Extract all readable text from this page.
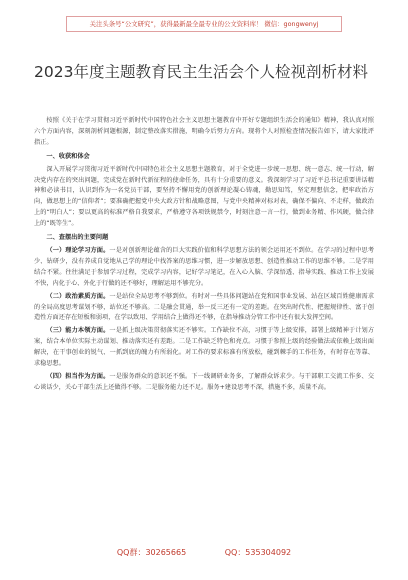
关注头条号“公文研究”，获得最新最全最专业的公文资料库！ 微信：gongwenyj
2023年度主题教育民主生活会个人检视剖析材料

按照《关于在学习贯彻习近平新时代中国特色社会主义思想主题教育中开好专题组织生活会的通知》精神，我认真对照六个方面内容，深刻剖析问题根源，制定整改落实措施，明确今后努力方向。现将个人对照检查情况报告如下，请大家批评指正。

一、收获和体会

深入开展学习贯彻习近平新时代中国特色社会主义思想主题教育，对于全党进一步统一思想、统一意志、统一行动，解决党内存在的突出问题，完成党在新时代新征程的使命任务，具有十分重要的意义。我深刻学习了习近平总书记重要讲话精神和必读书目，认识到作为一名党员干部，要坚持不懈用党的创新理论凝心铸魂，勤思知笃，坚定理想信念，把牢政治方向，做思想上的“信仰者”；要准确把握党中央大政方针和战略意图，与党中央精神对标对表，确保不偏向、不走样，做政治上的“明白人”；要以更高的标准严格自我要求，严格遵守各项铁规禁令，时刻注意一言一行，做到业务精、作风硬，做合律上的“既等生”。

二、查摆出的主要问题

（一）理论学习方面。一是对创新理论蕴含的巨大实践价值和科学思想方法的领会运用还不到位。在学习的过程中思考少、钻研少，没有养成自觉地从己学的理论中找答案的思维习惯，进一步解放思想、创造性推动工作的思维不够。二是学用结合不紧。往往满足于参加学习过程，完成学习内容，记好学习笔记，在入心入脑、学深悟透、指导实践、推动工作上发展不快，内化于心、外化于行做的还不够好，理解运用不够充分。

（二）政治素质方面。一是站位全局思考不够到位。有时对一些具体问题站在党和国事业发展、站在区域百姓健康需求的全局高度思考谋划不够，站位还不够高。二是融会贯通，举一反三还有一定的差距。在突出时代性、把握规律性、富于创造性方面还存在短板和弱项，在学以致用、学用结合上做得还不够，在指导推动分管工作中还有很大发挥空间。

（三）能力本领方面。一是抓上级决策贯彻落实还不够实。工作缺位不高，习惯于等上级安排，部署上级精神于计划方案，结合本单位实际主动谋划、推动落实还有差距。二是工作缺乏特色和亮点。习惯于参照上级的经验做法或依赖上级出面解决，在干事创业的锐气、一抓到底的魄力有所弱化。对工作的要求标准有所放松，碰到棘手的工作任务，有时存在等靠、求稳思想。

（四）担当作为方面。一是服务群众的意识还不强。下一线调研业务多，了解群众诉求少。与干部职工交流工作多、交心谈话少，关心干部生活上还做得不够。二是服务能力还不足。服务+建设思考不深，措施不多，质量不高。

QQ群：30265665	QQ：535304092
